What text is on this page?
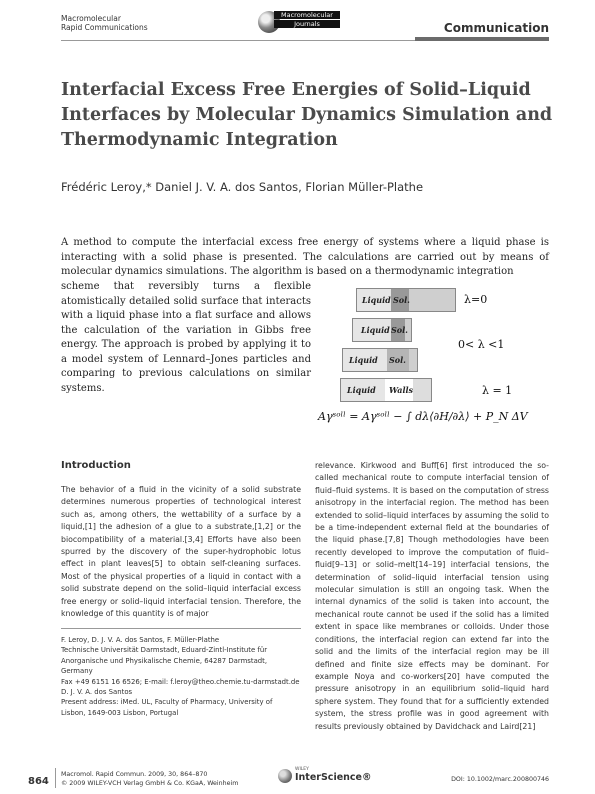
Macromolecular
Rapid Communications
Macromolecular
Journals	Communication
Interfacial Excess Free Energies of Solid–Liquid Interfaces by Molecular Dynamics Simulation and Thermodynamic Integration
Frédéric Leroy,* Daniel J. V. A. dos Santos, Florian Müller-Plathe

A method to compute the interfacial excess free energy of systems where a liquid phase is interacting with a solid phase is presented. The calculations are carried out by means of molecular dynamics simulations. The algorithm is based on a thermodynamic integration

scheme that reversibly turns a flexible atomistically detailed solid surface that interacts with a liquid phase into a flat surface and allows the calculation of the variation in Gibbs free energy. The approach is probed by applying it to a model system of Lennard–Jones particles and comparing to previous calculations on similar systems.

Liquid Sol.
Liquid Sol.
Liquid Sol.
Liquid Walls
λ=0
0< λ <1
λ = 1
Aγˢᵒˡˡ = Aγˢᵒˡˡ − ∫ dλ⟨∂H/∂λ⟩ + P_N ΔV
Introduction

The behavior of a fluid in the vicinity of a solid substrate determines numerous properties of technological interest such as, among others, the wettability of a surface by a liquid,[1] the adhesion of a glue to a substrate,[1,2] or the biocompatibility of a material.[3,4] Efforts have also been spurred by the discovery of the super-hydrophobic lotus effect in plant leaves[5] to obtain self-cleaning surfaces. Most of the physical properties of a liquid in contact with a solid substrate depend on the solid–liquid interfacial excess free energy or solid–liquid interfacial tension. Therefore, the knowledge of this quantity is of major

relevance. Kirkwood and Buff[6] first introduced the so-called mechanical route to compute interfacial tension of fluid–fluid systems. It is based on the computation of stress anisotropy in the interfacial region. The method has been extended to solid–liquid interfaces by assuming the solid to be a time-independent external field at the boundaries of the liquid phase.[7,8] Though methodologies have been recently developed to improve the computation of fluid–fluid[9–13] or solid–melt[14–19] interfacial tensions, the determination of solid–liquid interfacial tension using molecular simulation is still an ongoing task. When the internal dynamics of the solid is taken into account, the mechanical route cannot be used if the solid has a limited extent in space like membranes or colloids. Under those conditions, the interfacial region can extend far into the solid and the limits of the interfacial region may be ill defined and finite size effects may be dominant. For example Noya and co-workers[20] have computed the pressure anisotropy in an equilibrium solid–liquid hard sphere system. They found that for a sufficiently extended system, the stress profile was in good agreement with results previously obtained by Davidchack and Laird[21]

F. Leroy, D. J. V. A. dos Santos, F. Müller-Plathe
Technische Universität Darmstadt, Eduard-Zintl-Institute für
Anorganische und Physikalische Chemie, 64287 Darmstadt,
Germany
Fax +49 6151 16 6526; E-mail: f.leroy@theo.chemie.tu-darmstadt.de
D. J. V. A. dos Santos
Present address: iMed. UL, Faculty of Pharmacy, University of
Lisbon, 1649-003 Lisbon, Portugal
864
Macromol. Rapid Commun. 2009, 30, 864–870
© 2009 WILEY-VCH Verlag GmbH & Co. KGaA, Weinheim
WILEY
InterScience®	DOI: 10.1002/marc.200800746
